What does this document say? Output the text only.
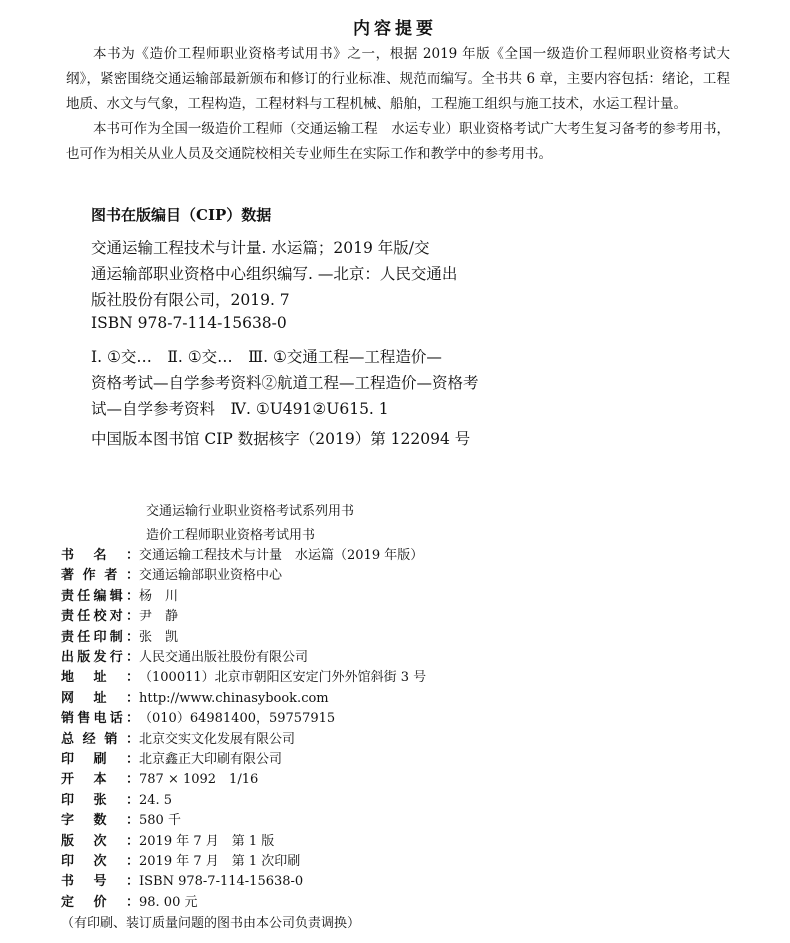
内容提要
本书为《造价工程师职业资格考试用书》之一，根据 2019 年版《全国一级造价工程师职业资格考试大纲》，紧密围绕交通运输部最新颁布和修订的行业标准、规范而编写。全书共 6 章，主要内容包括：绪论，工程地质、水文与气象，工程构造，工程材料与工程机械、船舶，工程施工组织与施工技术，水运工程计量。
本书可作为全国一级造价工程师（交通运输工程　水运专业）职业资格考试广大考生复习备考的参考用书，也可作为相关从业人员及交通院校相关专业师生在实际工作和教学中的参考用书。
图书在版编目（CIP）数据
交通运输工程技术与计量. 水运篇；2019 年版/交
通运输部职业资格中心组织编写. —北京：人民交通出
版社股份有限公司，2019. 7
ISBN 978-7-114-15638-0
Ⅰ. ①交…　Ⅱ. ①交…　Ⅲ. ①交通工程—工程造价—
资格考试—自学参考资料②航道工程—工程造价—资格考
试—自学参考资料　Ⅳ. ①U491②U615. 1
中国版本图书馆 CIP 数据核字（2019）第 122094 号
交通运输行业职业资格考试系列用书
造价工程师职业资格考试用书
书名：交通运输工程技术与计量　水运篇（2019 年版）
著作者：交通运输部职业资格中心
责任编辑：杨　川
责任校对：尹　静
责任印制：张　凯
出版发行：人民交通出版社股份有限公司
地址：（100011）北京市朝阳区安定门外外馆斜街 3 号
网址：http://www.chinasybook.com
销售电话：（010）64981400，59757915
总经销：北京交实文化发展有限公司
印刷：北京鑫正大印刷有限公司
开本：787 × 1092　1/16
印张：24. 5
字数：580 千
版次：2019 年 7 月　第 1 版
印次：2019 年 7 月　第 1 次印刷
书号：ISBN 978-7-114-15638-0
定价：98. 00 元
（有印刷、装订质量问题的图书由本公司负责调换）
